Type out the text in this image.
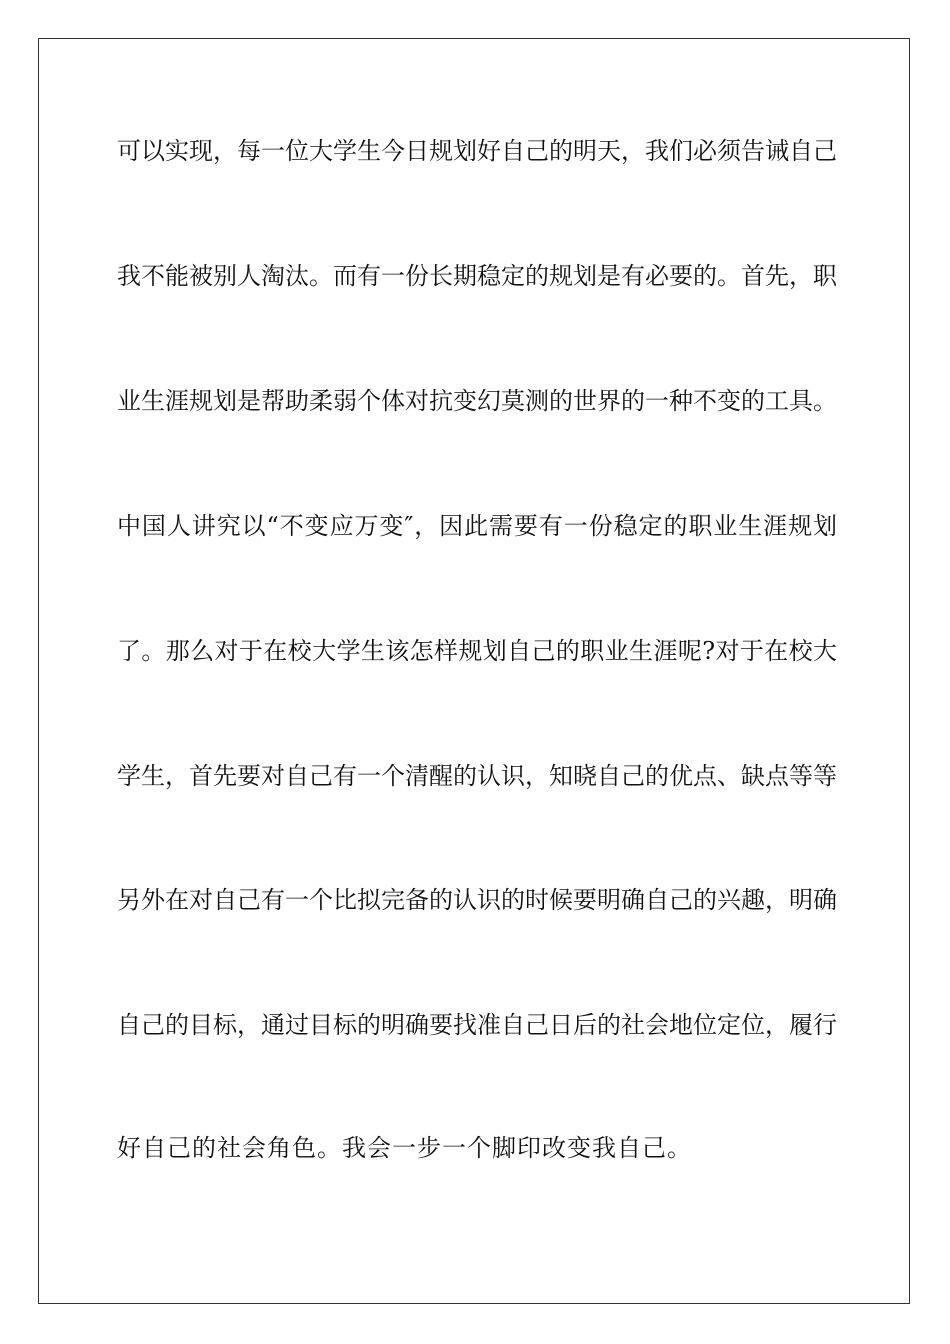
可以实现，每一位大学生今日规划好自己的明天，我们必须告诫自己
我不能被别人淘汰。而有一份长期稳定的规划是有必要的。首先，职
业生涯规划是帮助柔弱个体对抗变幻莫测的世界的一种不变的工具。
中国人讲究以“不变应万变″，因此需要有一份稳定的职业生涯规划
了。那么对于在校大学生该怎样规划自己的职业生涯呢?对于在校大
学生，首先要对自己有一个清醒的认识，知晓自己的优点、缺点等等
另外在对自己有一个比拟完备的认识的时候要明确自己的兴趣，明确
自己的目标，通过目标的明确要找准自己日后的社会地位定位，履行
好自己的社会角色。我会一步一个脚印改变我自己。
